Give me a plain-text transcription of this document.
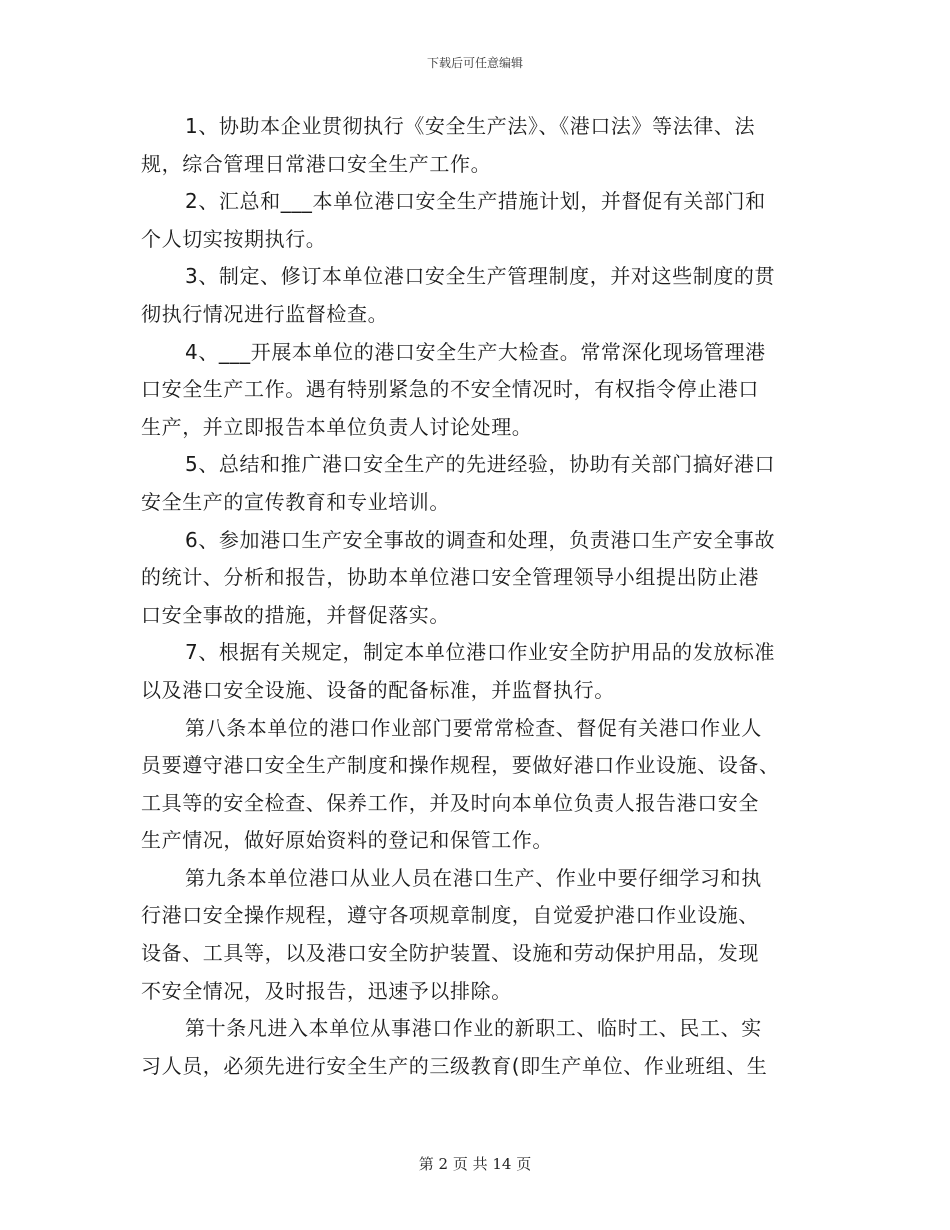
下载后可任意编辑
1、协助本企业贯彻执行《安全生产法》、《港口法》等法律、法
规，综合管理日常港口安全生产工作。
2、汇总和___本单位港口安全生产措施计划，并督促有关部门和
个人切实按期执行。
3、制定、修订本单位港口安全生产管理制度，并对这些制度的贯
彻执行情况进行监督检查。
4、___开展本单位的港口安全生产大检查。常常深化现场管理港
口安全生产工作。遇有特别紧急的不安全情况时，有权指令停止港口
生产，并立即报告本单位负责人讨论处理。
5、总结和推广港口安全生产的先进经验，协助有关部门搞好港口
安全生产的宣传教育和专业培训。
6、参加港口生产安全事故的调查和处理，负责港口生产安全事故
的统计、分析和报告，协助本单位港口安全管理领导小组提出防止港
口安全事故的措施，并督促落实。
7、根据有关规定，制定本单位港口作业安全防护用品的发放标准
以及港口安全设施、设备的配备标准，并监督执行。
第八条本单位的港口作业部门要常常检查、督促有关港口作业人
员要遵守港口安全生产制度和操作规程，要做好港口作业设施、设备、
工具等的安全检查、保养工作，并及时向本单位负责人报告港口安全
生产情况，做好原始资料的登记和保管工作。
第九条本单位港口从业人员在港口生产、作业中要仔细学习和执
行港口安全操作规程，遵守各项规章制度，自觉爱护港口作业设施、
设备、工具等，以及港口安全防护装置、设施和劳动保护用品，发现
不安全情况，及时报告，迅速予以排除。
第十条凡进入本单位从事港口作业的新职工、临时工、民工、实
习人员，必须先进行安全生产的三级教育(即生产单位、作业班组、生
第 2 页 共 14 页
